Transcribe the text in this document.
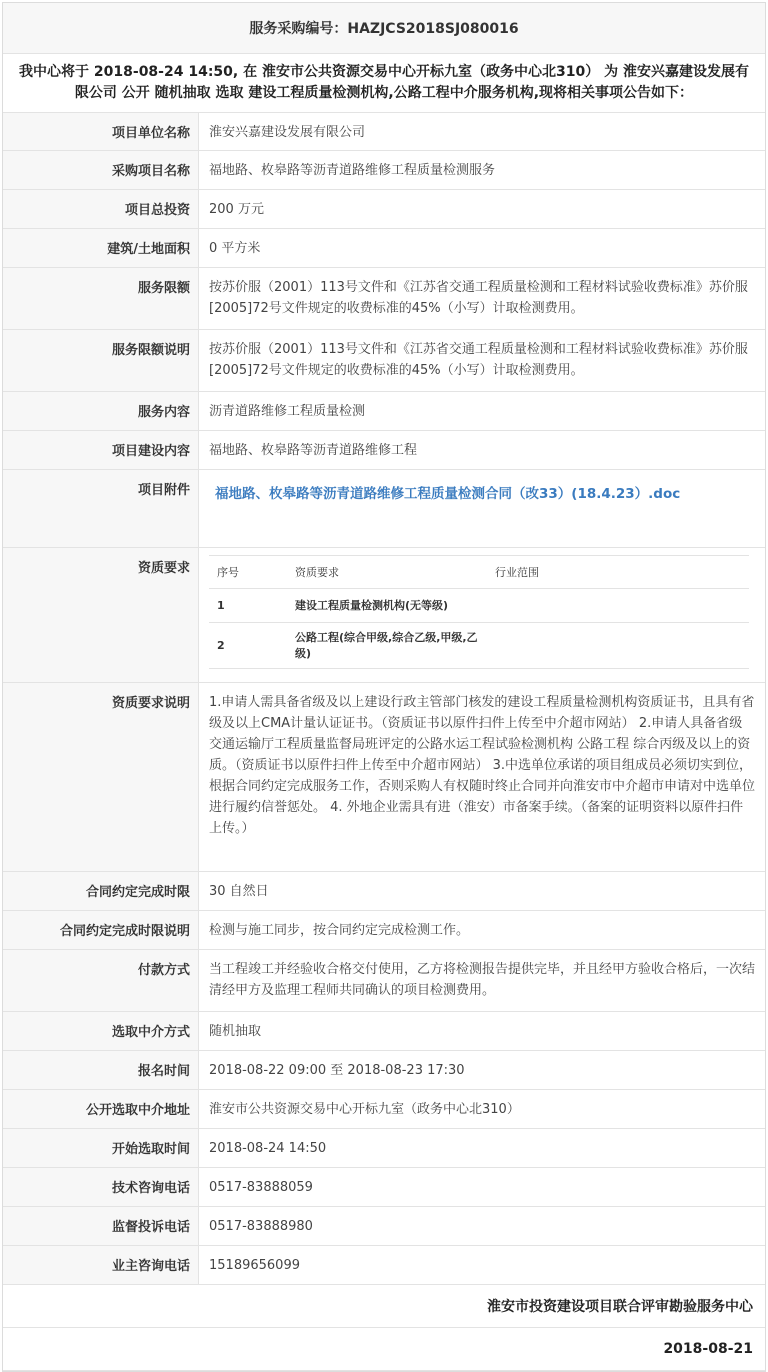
服务采购编号：HAZJCS2018SJ080016
我中心将于 2018-08-24 14:50, 在 淮安市公共资源交易中心开标九室（政务中心北310） 为 淮安兴嘉建设发展有限公司 公开 随机抽取 选取 建设工程质量检测机构,公路工程中介服务机构,现将相关事项公告如下：
项目单位名称	淮安兴嘉建设发展有限公司
采购项目名称	福地路、枚皋路等沥青道路维修工程质量检测服务
项目总投资	200 万元
建筑/土地面积	0 平方米
服务限额	按苏价服（2001）113号文件和《江苏省交通工程质量检测和工程材料试验收费标准》苏价服[2005]72号文件规定的收费标准的45%（小写）计取检测费用。
服务限额说明	按苏价服（2001）113号文件和《江苏省交通工程质量检测和工程材料试验收费标准》苏价服[2005]72号文件规定的收费标准的45%（小写）计取检测费用。
服务内容	沥青道路维修工程质量检测
项目建设内容	福地路、枚皋路等沥青道路维修工程
项目附件	福地路、枚皋路等沥青道路维修工程质量检测合同（改33）(18.4.23）.doc
资质要求	序号	资质要求	行业范围
1	建设工程质量检测机构(无等级)	
2	公路工程(综合甲级,综合乙级,甲级,乙级)	
资质要求说明	1.申请人需具备省级及以上建设行政主管部门核发的建设工程质量检测机构资质证书，且具有省级及以上CMA计量认证证书。（资质证书以原件扫件上传至中介超市网站） 2.申请人具备省级交通运输厅工程质量监督局班评定的公路水运工程试验检测机构 公路工程 综合丙级及以上的资质。（资质证书以原件扫件上传至中介超市网站） 3.中选单位承诺的项目组成员必须切实到位，根据合同约定完成服务工作，否则采购人有权随时终止合同并向淮安市中介超市申请对中选单位进行履约信誉惩处。 4. 外地企业需具有进（淮安）市备案手续。（备案的证明资料以原件扫件上传。）
合同约定完成时限	30 自然日
合同约定完成时限说明	检测与施工同步，按合同约定完成检测工作。
付款方式	当工程竣工并经验收合格交付使用，乙方将检测报告提供完毕，并且经甲方验收合格后，一次结清经甲方及监理工程师共同确认的项目检测费用。
选取中介方式	随机抽取
报名时间	2018-08-22 09:00 至 2018-08-23 17:30
公开选取中介地址	淮安市公共资源交易中心开标九室（政务中心北310）
开始选取时间	2018-08-24 14:50
技术咨询电话	0517-83888059
监督投诉电话	0517-83888980
业主咨询电话	15189656099
淮安市投资建设项目联合评审勘验服务中心
2018-08-21
